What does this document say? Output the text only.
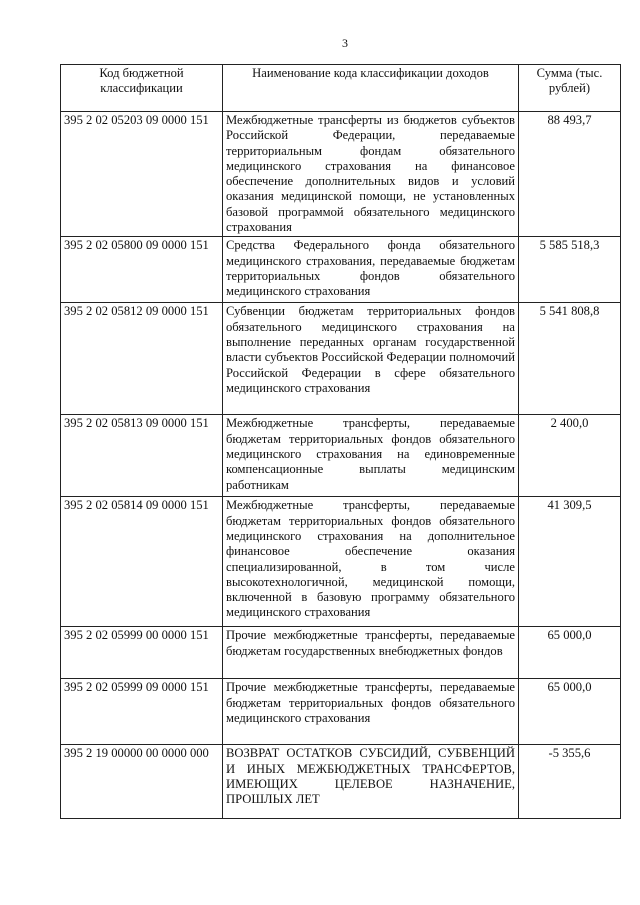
3
Код бюджетной классификации	Наименование кода классификации доходов	Сумма (тыс. рублей)
395 2 02 05203 09 0000 151	Межбюджетные трансферты из бюджетов субъектов Российской Федерации, передаваемые территориальным фондам обязательного медицинского страхования на финансовое обеспечение дополнительных видов и условий оказания медицинской помощи, не установленных базовой программой обязательного медицинского страхования	88 493,7
395 2 02 05800 09 0000 151	Средства Федерального фонда обязательного медицинского страхования, передаваемые бюджетам территориальных фондов обязательного медицинского страхования	5 585 518,3
395 2 02 05812 09 0000 151	Субвенции бюджетам территориальных фондов обязательного медицинского страхования на выполнение переданных органам государственной власти субъектов Российской Федерации полномочий Российской Федерации в сфере обязательного медицинского страхования	5 541 808,8
395 2 02 05813 09 0000 151	Межбюджетные трансферты, передаваемые бюджетам территориальных фондов обязательного медицинского страхования на единовременные компенсационные выплаты медицинским работникам	2 400,0
395 2 02 05814 09 0000 151	Межбюджетные трансферты, передаваемые бюджетам территориальных фондов обязательного медицинского страхования на дополнительное финансовое обеспечение оказания специализированной, в том числе высокотехнологичной, медицинской помощи, включенной в базовую программу обязательного медицинского страхования	41 309,5
395 2 02 05999 00 0000 151	Прочие межбюджетные трансферты, передаваемые бюджетам государственных внебюджетных фондов	65 000,0
395 2 02 05999 09 0000 151	Прочие межбюджетные трансферты, передаваемые бюджетам территориальных фондов обязательного медицинского страхования	65 000,0
395 2 19 00000 00 0000 000	ВОЗВРАТ ОСТАТКОВ СУБСИДИЙ, СУБВЕНЦИЙ И ИНЫХ МЕЖБЮДЖЕТНЫХ ТРАНСФЕРТОВ, ИМЕЮЩИХ ЦЕЛЕВОЕ НАЗНАЧЕНИЕ, ПРОШЛЫХ ЛЕТ	-5 355,6
